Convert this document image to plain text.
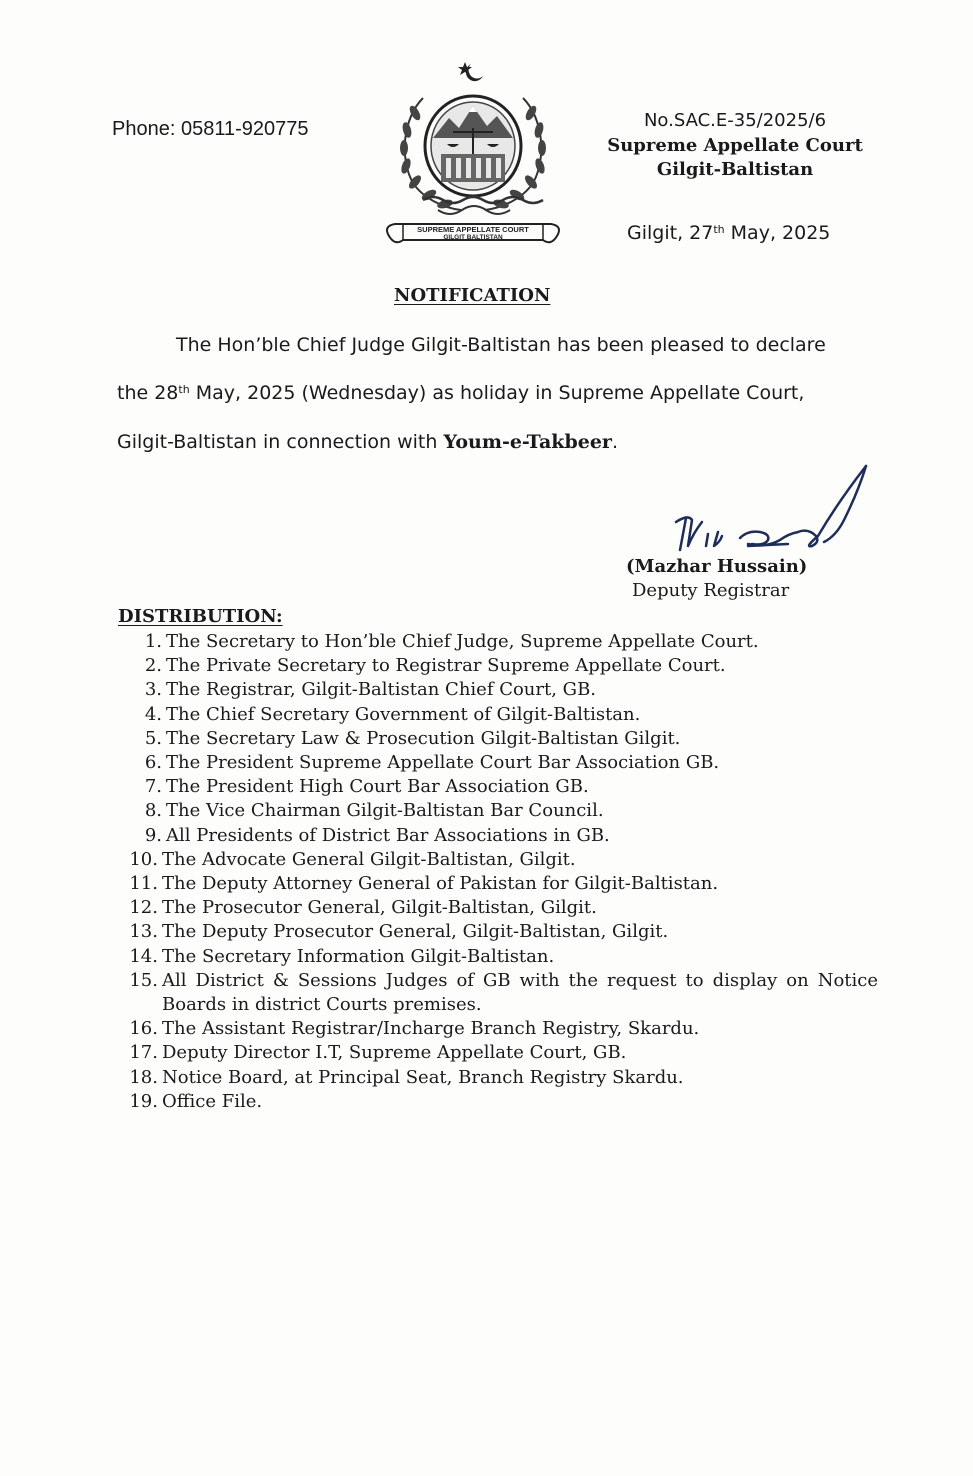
Phone: 05811-920775
SUPREME APPELLATE COURT
GILGIT BALTISTAN
No.SAC.E-35/2025/6
Supreme Appellate Court
Gilgit-Baltistan
Gilgit, 27th May, 2025
NOTIFICATION
The Hon’ble Chief Judge Gilgit-Baltistan has been pleased to declare
the 28th May, 2025 (Wednesday) as holiday in Supreme Appellate Court,
Gilgit-Baltistan in connection with Youm-e-Takbeer.
(Mazhar Hussain)
Deputy Registrar
DISTRIBUTION:
1. The Secretary to Hon’ble Chief Judge, Supreme Appellate Court.
2. The Private Secretary to Registrar Supreme Appellate Court.
3. The Registrar, Gilgit-Baltistan Chief Court, GB.
4. The Chief Secretary Government of Gilgit-Baltistan.
5. The Secretary Law & Prosecution Gilgit-Baltistan Gilgit.
6. The President Supreme Appellate Court Bar Association GB.
7. The President High Court Bar Association GB.
8. The Vice Chairman Gilgit-Baltistan Bar Council.
9. All Presidents of District Bar Associations in GB.
10. The Advocate General Gilgit-Baltistan, Gilgit.
11. The Deputy Attorney General of Pakistan for Gilgit-Baltistan.
12. The Prosecutor General, Gilgit-Baltistan, Gilgit.
13. The Deputy Prosecutor General, Gilgit-Baltistan, Gilgit.
14. The Secretary Information Gilgit-Baltistan.
15. All District & Sessions Judges of GB with the request to display on Notice Boards in district Courts premises.
16. The Assistant Registrar/Incharge Branch Registry, Skardu.
17. Deputy Director I.T, Supreme Appellate Court, GB.
18. Notice Board, at Principal Seat, Branch Registry Skardu.
19. Office File.
